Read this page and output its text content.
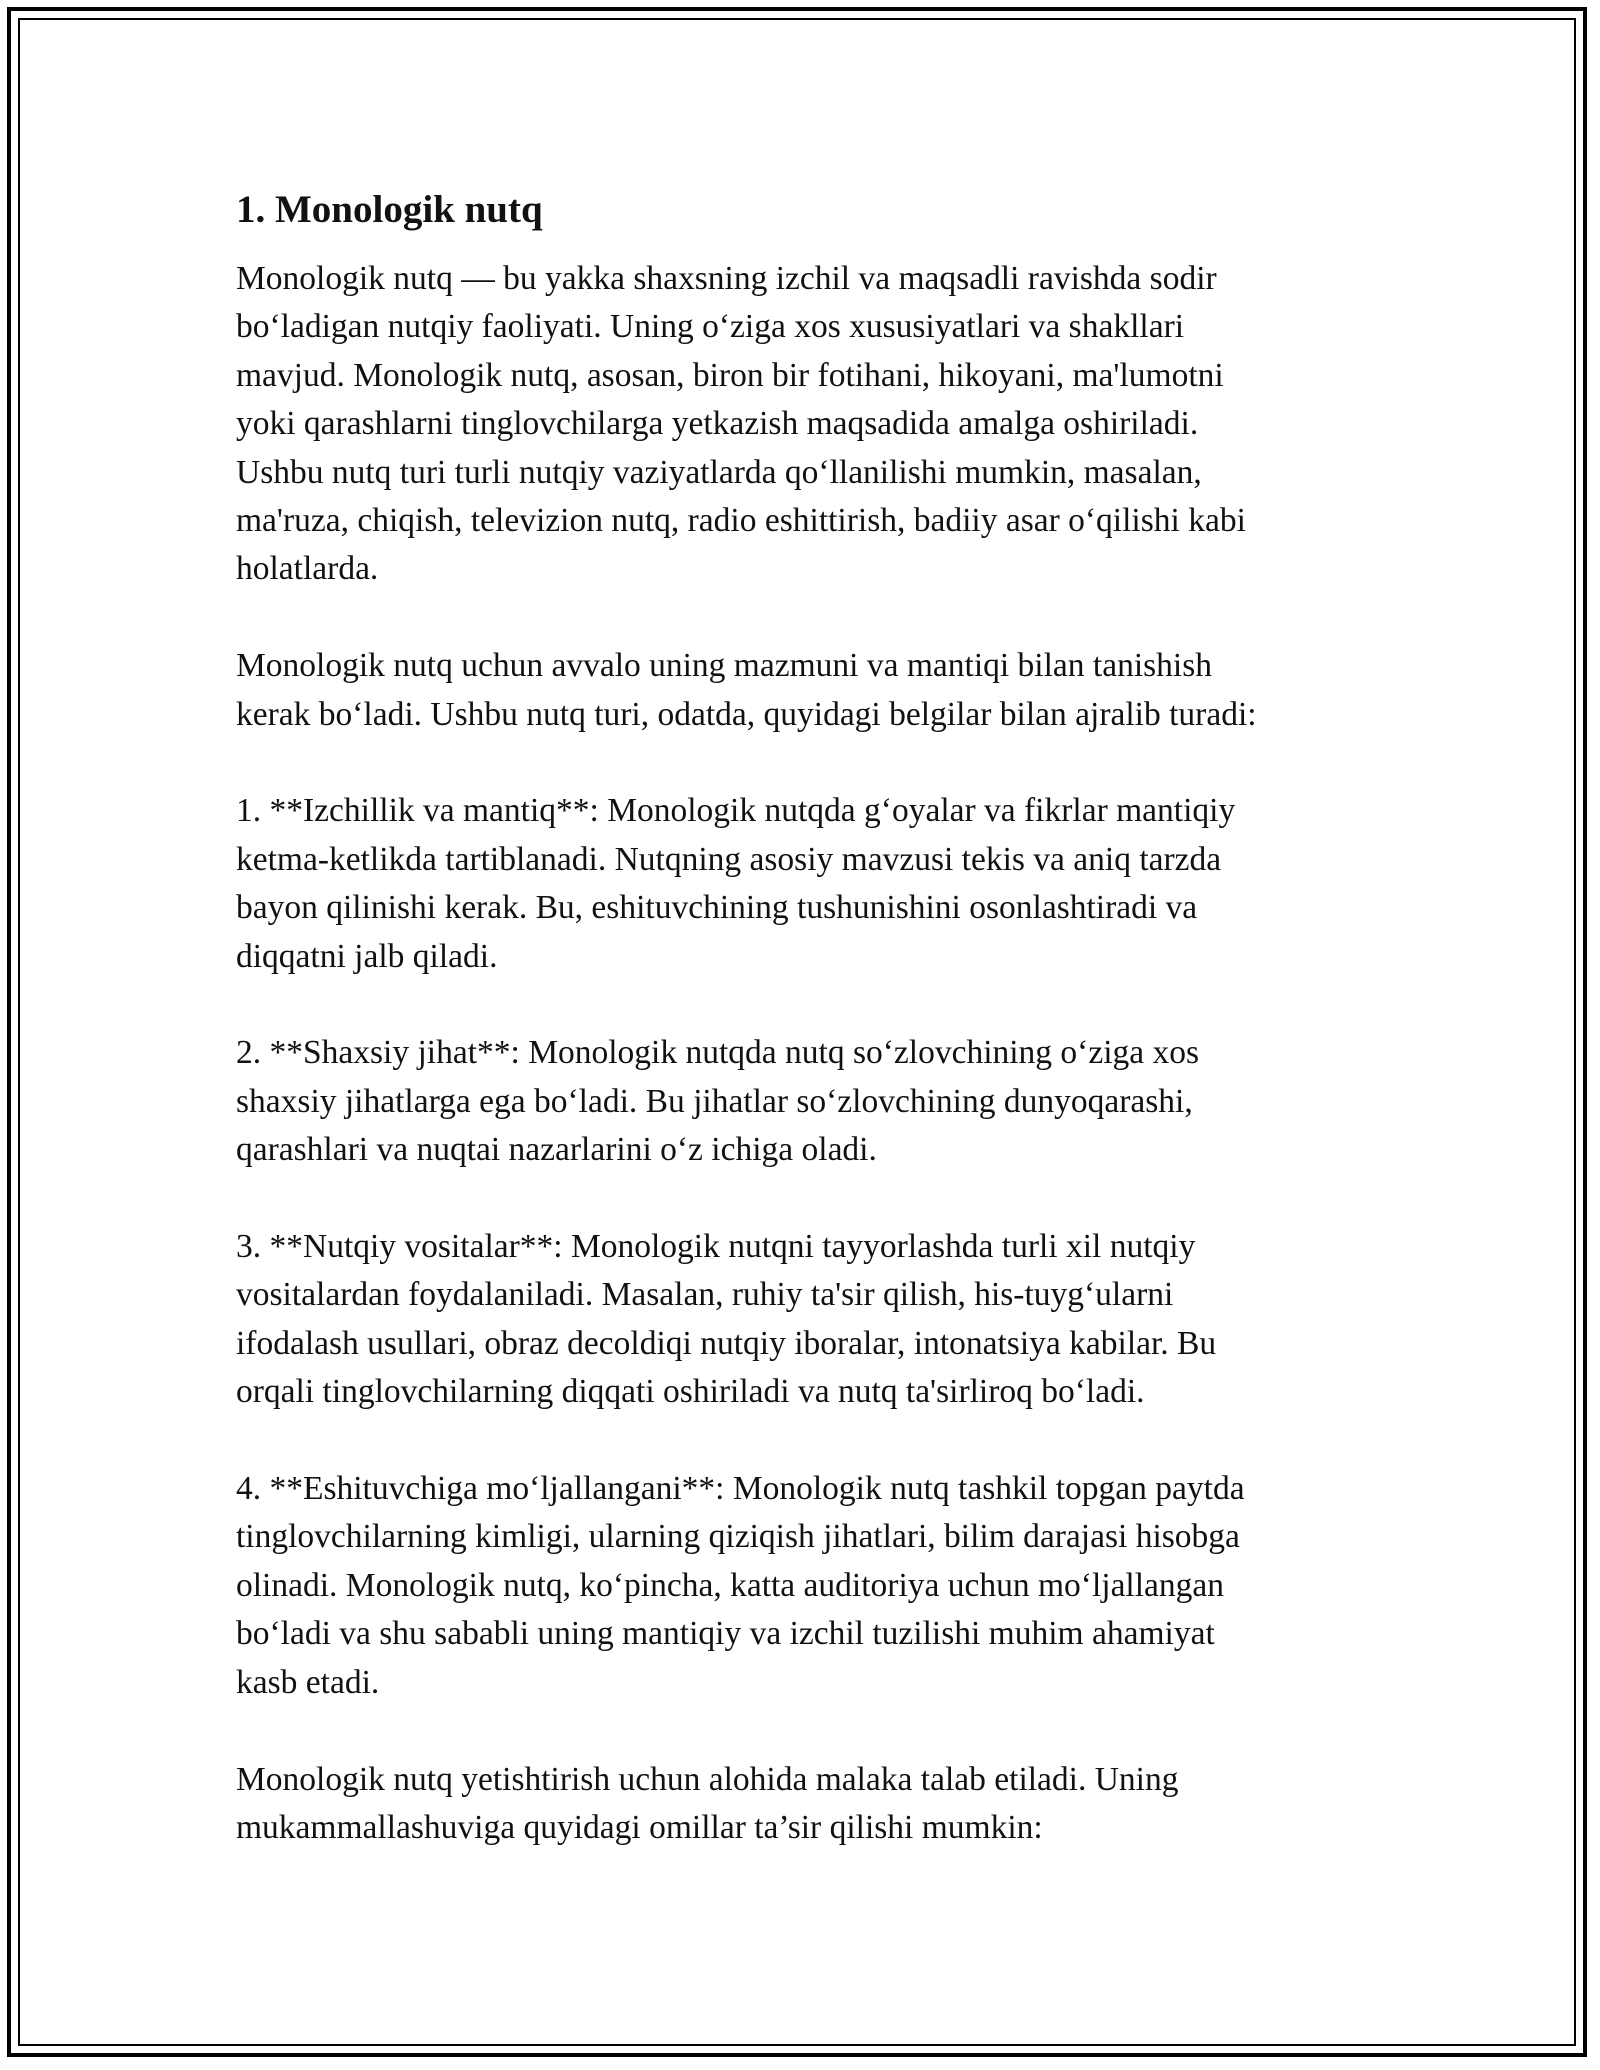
1. Monologik nutq

Monologik nutq — bu yakka shaxsning izchil va maqsadli ravishda sodir
bo‘ladigan nutqiy faoliyati. Uning o‘ziga xos xususiyatlari va shakllari
mavjud. Monologik nutq, asosan, biron bir fotihani, hikoyani, ma'lumotni
yoki qarashlarni tinglovchilarga yetkazish maqsadida amalga oshiriladi.
Ushbu nutq turi turli nutqiy vaziyatlarda qo‘llanilishi mumkin, masalan,
ma'ruza, chiqish, televizion nutq, radio eshittirish, badiiy asar o‘qilishi kabi
holatlarda.

Monologik nutq uchun avvalo uning mazmuni va mantiqi bilan tanishish
kerak bo‘ladi. Ushbu nutq turi, odatda, quyidagi belgilar bilan ajralib turadi:

1. **Izchillik va mantiq**: Monologik nutqda g‘oyalar va fikrlar mantiqiy
ketma-ketlikda tartiblanadi. Nutqning asosiy mavzusi tekis va aniq tarzda
bayon qilinishi kerak. Bu, eshituvchining tushunishini osonlashtiradi va
diqqatni jalb qiladi.

2. **Shaxsiy jihat**: Monologik nutqda nutq so‘zlovchining o‘ziga xos
shaxsiy jihatlarga ega bo‘ladi. Bu jihatlar so‘zlovchining dunyoqarashi,
qarashlari va nuqtai nazarlarini o‘z ichiga oladi.

3. **Nutqiy vositalar**: Monologik nutqni tayyorlashda turli xil nutqiy
vositalardan foydalaniladi. Masalan, ruhiy ta'sir qilish, his-tuyg‘ularni
ifodalash usullari, obraz decoldiqi nutqiy iboralar, intonatsiya kabilar. Bu
orqali tinglovchilarning diqqati oshiriladi va nutq ta'sirliroq bo‘ladi.

4. **Eshituvchiga mo‘ljallangani**: Monologik nutq tashkil topgan paytda
tinglovchilarning kimligi, ularning qiziqish jihatlari, bilim darajasi hisobga
olinadi. Monologik nutq, ko‘pincha, katta auditoriya uchun mo‘ljallangan
bo‘ladi va shu sababli uning mantiqiy va izchil tuzilishi muhim ahamiyat
kasb etadi.

Monologik nutq yetishtirish uchun alohida malaka talab etiladi. Uning
mukammallashuviga quyidagi omillar ta’sir qilishi mumkin:
